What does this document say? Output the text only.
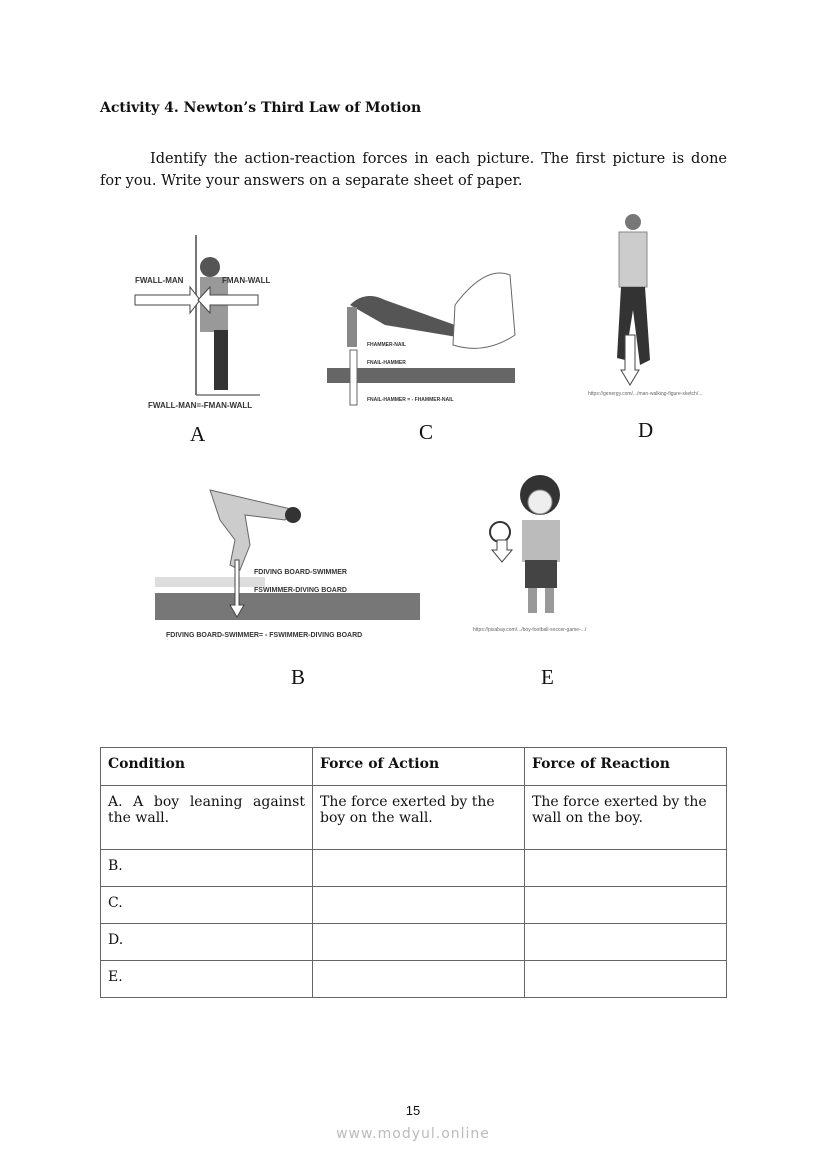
Activity 4. Newton’s Third Law of Motion
Identify the action-reaction forces in each picture. The first picture is done for you. Write your answers on a separate sheet of paper.
FWALL-MAN	FMAN-WALL
FWALL-MAN=-FMAN-WALL
A
FHAMMER-NAIL
FNAIL-HAMMER
FNAIL-HAMMER = - FHAMMER-NAIL
C
https://genergy.com/.../man-walking-figure-sketch/...
D
FDIVING BOARD-SWIMMER
FSWIMMER-DIVING BOARD
FDIVING BOARD-SWIMMER= - FSWIMMER-DIVING BOARD
B
https://pixabay.com/.../boy-football-soccer-game-.../
E
Condition	Force of Action	Force of Reaction
A. A boy leaning against the wall.	The force exerted by the boy on the wall.	The force exerted by the wall on the boy.
B.		
C.		
D.		
E.		
15
www.modyul.online
